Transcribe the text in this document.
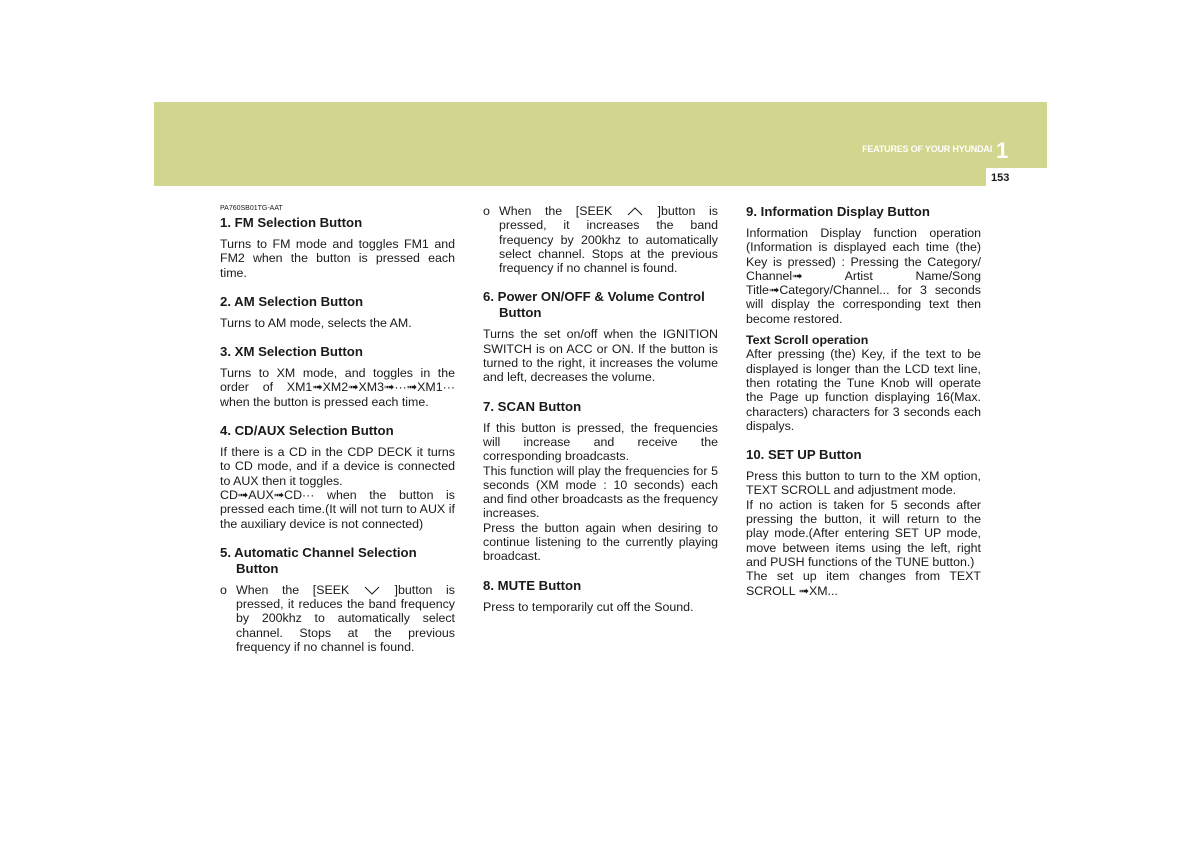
FEATURES OF YOUR HYUNDAI 1
153
PA760SB01TG-AAT
1. FM Selection Button

Turns to FM mode and toggles FM1 and FM2 when the button is pressed each time.

2. AM Selection Button

Turns to AM mode, selects the AM.

3. XM Selection Button

Turns to XM mode, and toggles in the order of XM1➟XM2➟XM3➟···➟XM1··· when the button is pressed each time.

4. CD/AUX Selection Button

If there is a CD in the CDP DECK it turns to CD mode, and if a device is connected to AUX then it toggles.

CD➟AUX➟CD··· when the button is pressed each time.(It will not turn to AUX if the auxiliary device is not connected)

5. Automatic Channel Selection
Button
o When the [SEEK	]button is pressed, it reduces the band frequency by 200khz to automatically select channel. Stops at the previous frequency if no channel is found.
o When the [SEEK	]button is pressed, it increases the band frequency by 200khz to automatically select channel. Stops at the previous frequency if no channel is found.
6. Power ON/OFF & Volume Control
Button

Turns the set on/off when the IGNITION SWITCH is on ACC or ON. If the button is turned to the right, it increases the volume and left, decreases the volume.

7. SCAN Button

If this button is pressed, the frequencies will increase and receive the corresponding broadcasts.

This function will play the frequencies for 5 seconds (XM mode : 10 seconds) each and find other broadcasts as the frequency increases.

Press the button again when desiring to continue listening to the currently playing broadcast.

8. MUTE Button

Press to temporarily cut off the Sound.

9. Information Display Button

Information Display function operation (Information is displayed each time (the) Key is pressed) : Pressing the Category/ Channel➟ Artist Name/Song Title➟Category/Channel... for 3 seconds will display the corresponding text then become restored.

Text Scroll operation

After pressing (the) Key, if the text to be displayed is longer than the LCD text line, then rotating the Tune Knob will operate the Page up function displaying 16(Max. characters) characters for 3 seconds each dispalys.

10. SET UP Button

Press this button to turn to the XM option, TEXT SCROLL and adjustment mode.

If no action is taken for 5 seconds after pressing the button, it will return to the play mode.(After entering SET UP mode, move between items using the left, right and PUSH functions of the TUNE button.)

The set up item changes from TEXT SCROLL ➟XM...
